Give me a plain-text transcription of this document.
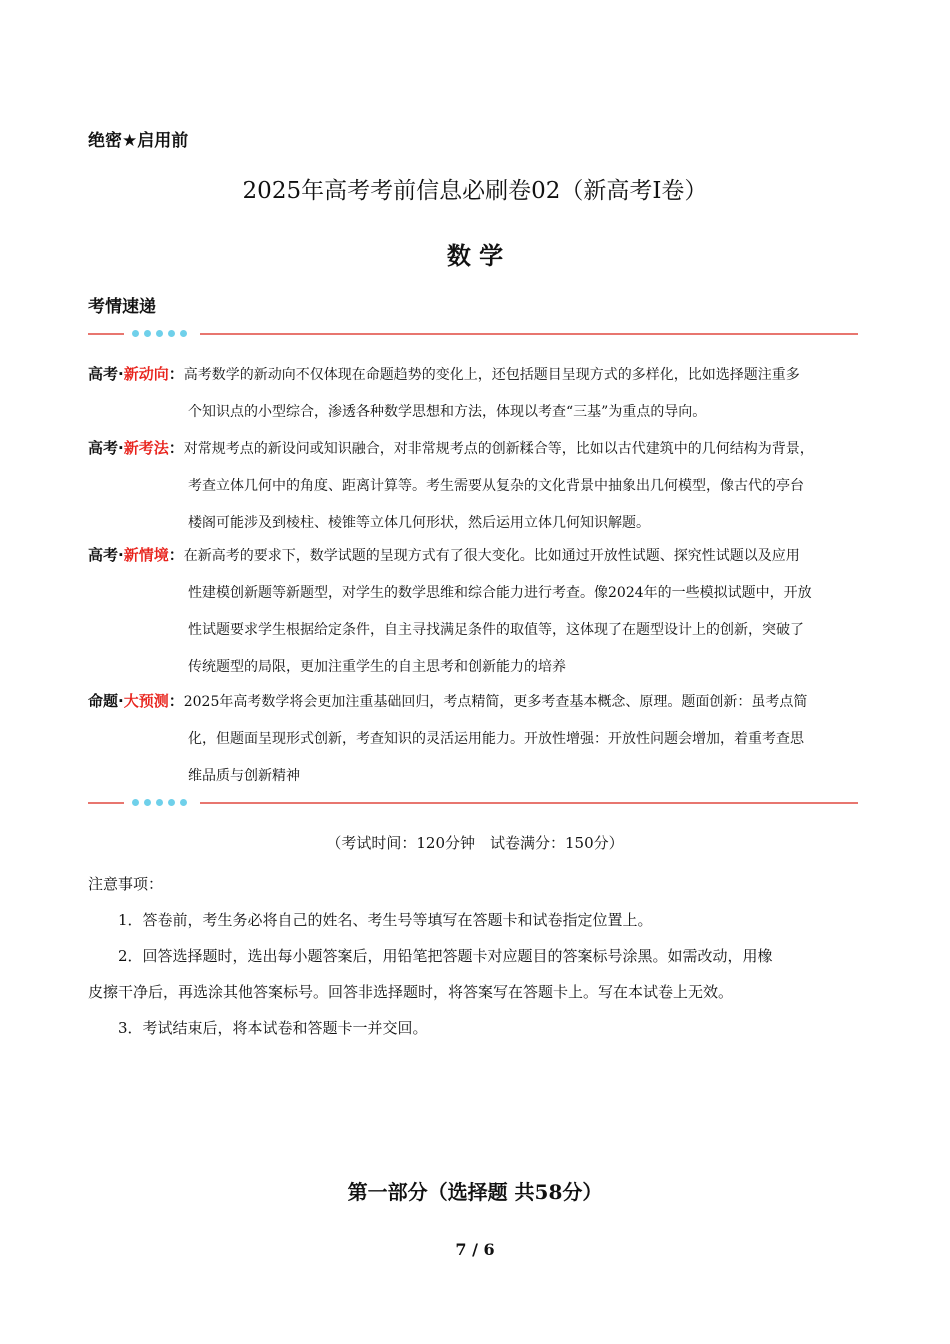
绝密★启用前
2025年高考考前信息必刷卷02（新高考Ⅰ卷）
数 学
考情速递
高考·新动向：高考数学的新动向不仅体现在命题趋势的变化上，还包括题目呈现方式的多样化，比如选择题注重多
个知识点的小型综合，渗透各种数学思想和方法，体现以考查“三基”为重点的导向。
高考·新考法：对常规考点的新设问或知识融合，对非常规考点的创新糅合等，比如以古代建筑中的几何结构为背景，
考查立体几何中的角度、距离计算等。考生需要从复杂的文化背景中抽象出几何模型，像古代的亭台
楼阁可能涉及到棱柱、棱锥等立体几何形状，然后运用立体几何知识解题。
高考·新情境：在新高考的要求下，数学试题的呈现方式有了很大变化。比如通过开放性试题、探究性试题以及应用
性建模创新题等新题型，对学生的数学思维和综合能力进行考查。像2024年的一些模拟试题中，开放
性试题要求学生根据给定条件，自主寻找满足条件的取值等，这体现了在题型设计上的创新，突破了
传统题型的局限，更加注重学生的自主思考和创新能力的培养
命题·大预测：2025年高考数学将会更加注重基础回归，考点精简，更多考查基本概念、原理。题面创新：虽考点简
化，但题面呈现形式创新，考查知识的灵活运用能力。开放性增强：开放性问题会增加，着重考查思
维品质与创新精神
（考试时间：120分钟　试卷满分：150分）
注意事项：
1．答卷前，考生务必将自己的姓名、考生号等填写在答题卡和试卷指定位置上。
2．回答选择题时，选出每小题答案后，用铅笔把答题卡对应题目的答案标号涂黑。如需改动，用橡
皮擦干净后，再选涂其他答案标号。回答非选择题时，将答案写在答题卡上。写在本试卷上无效。
3．考试结束后，将本试卷和答题卡一并交回。
第一部分（选择题 共58分）
7 / 6
